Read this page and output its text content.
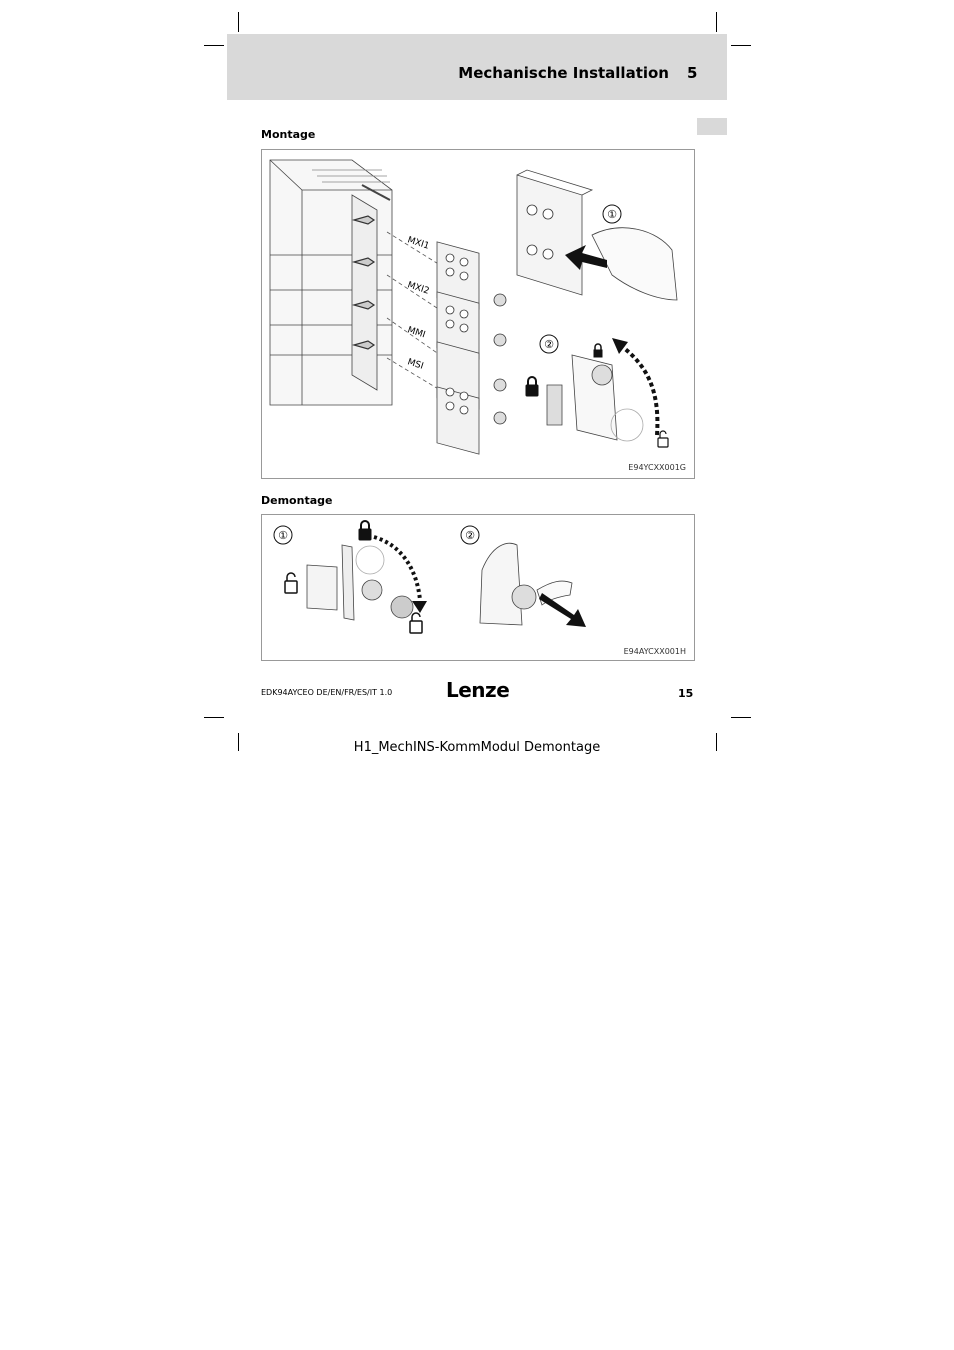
Mechanische Installation 5
Montage
①
②
MXI1
MXI2
MMI
MSI
E94YCXX001G
Demontage
①	②
E94AYCXX001H
EDK94AYCEO DE/EN/FR/ES/IT 1.0	Lenze	15
H1_MechINS-KommModul Demontage
